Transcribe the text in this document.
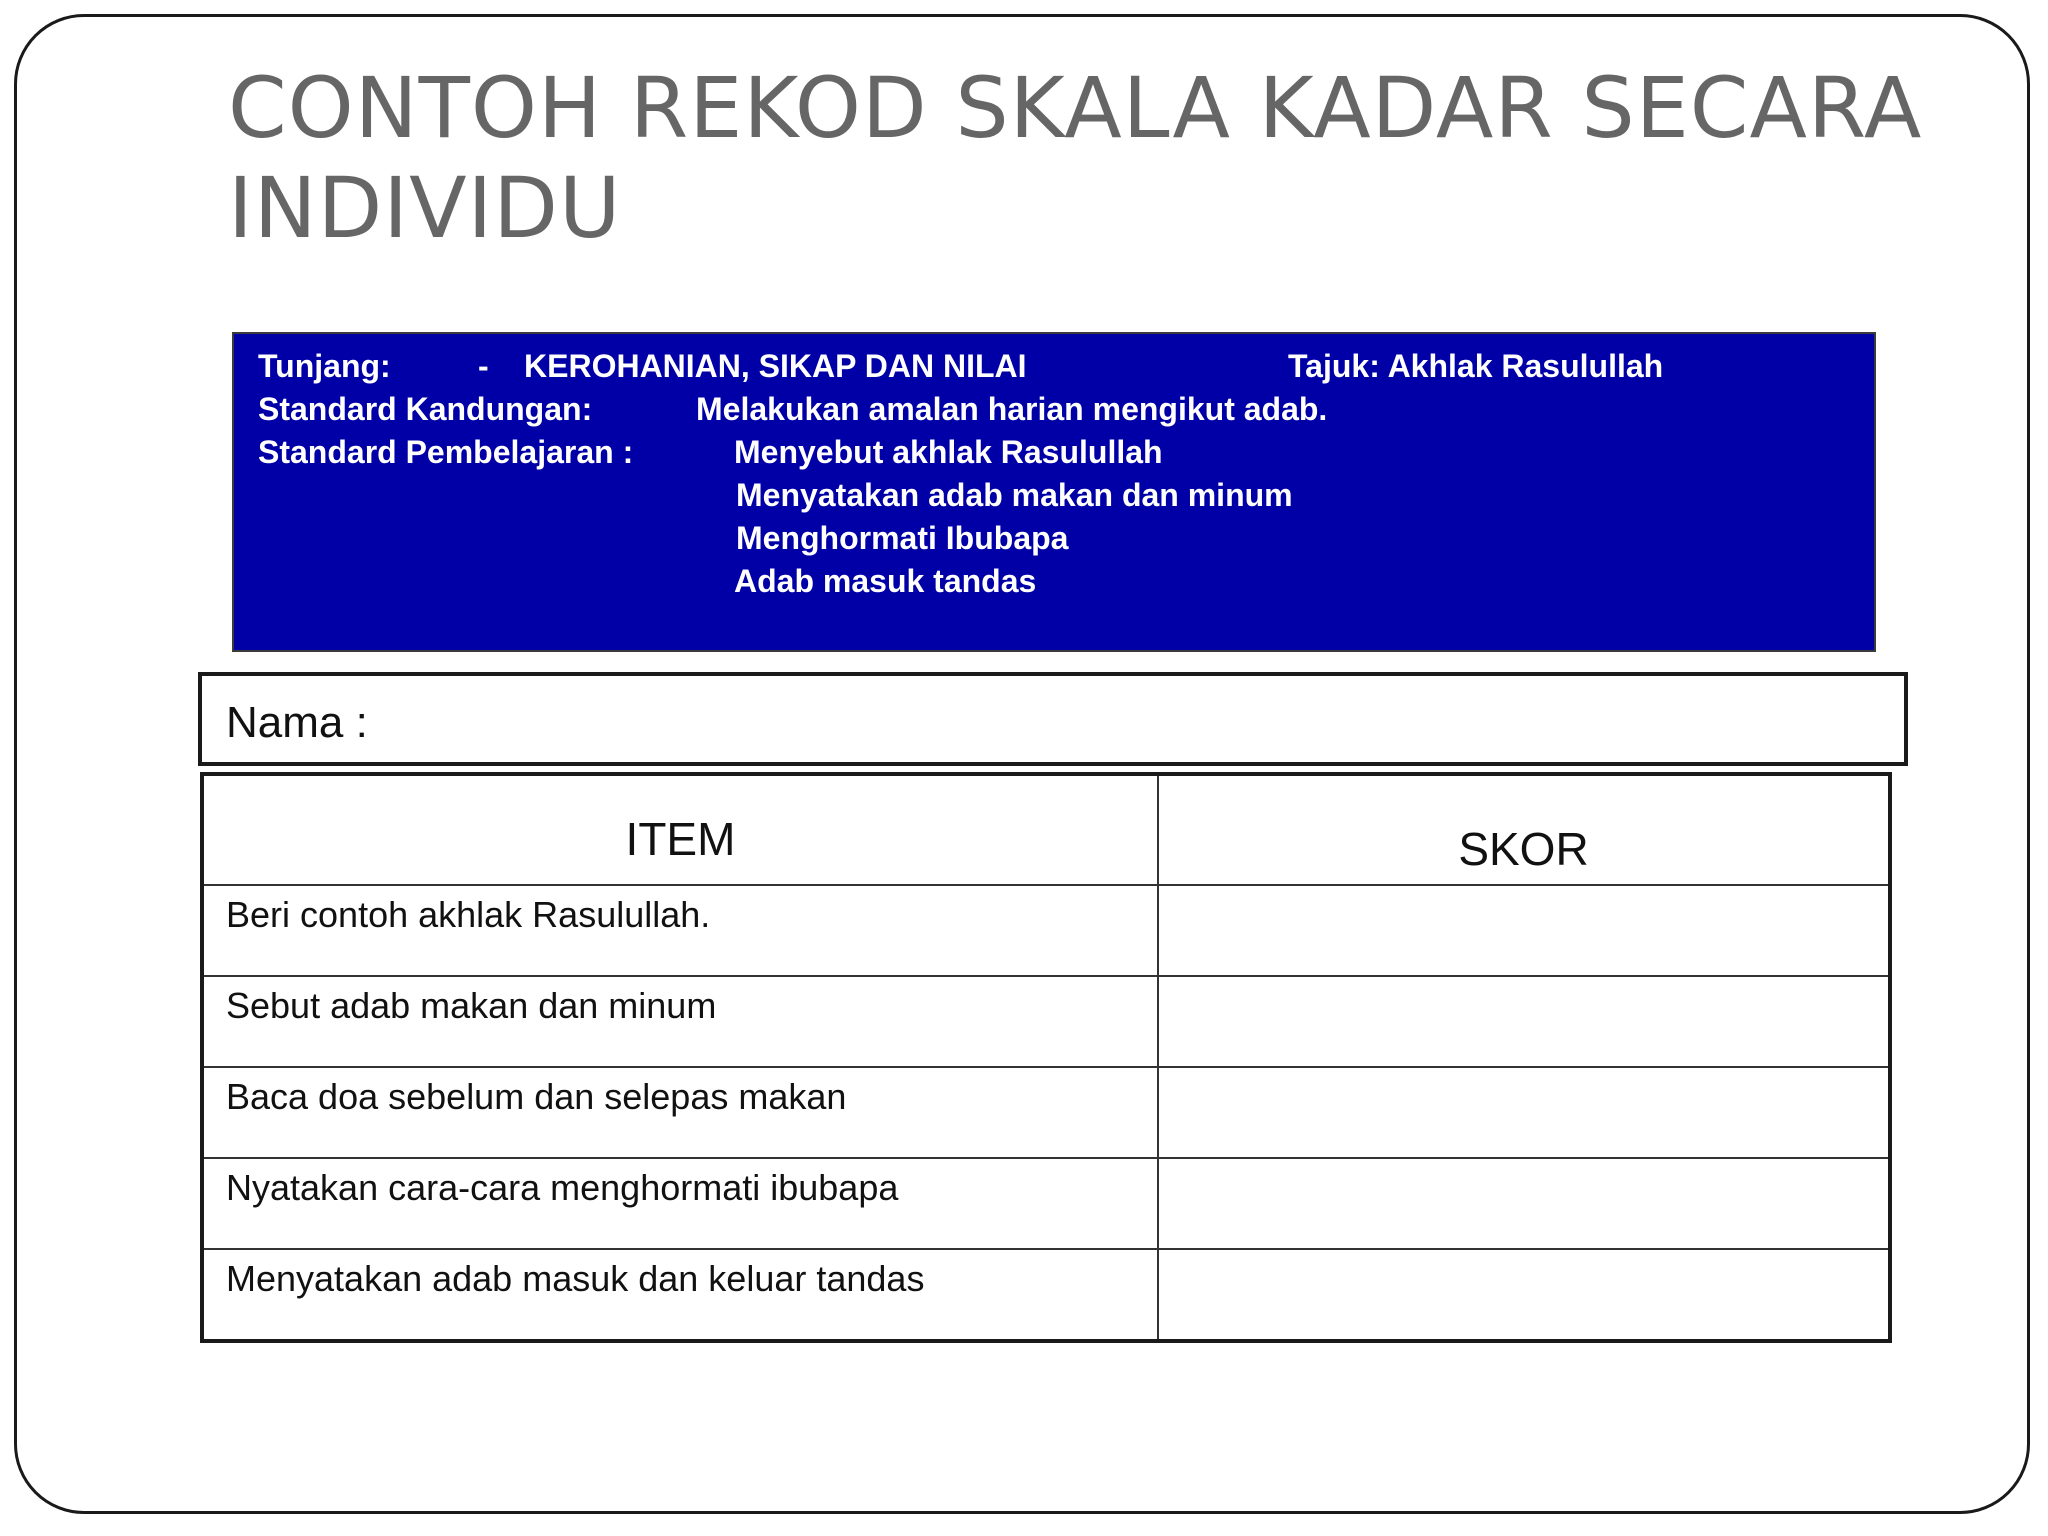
CONTOH REKOD SKALA KADAR SECARA INDIVIDU
Tunjang:	- KEROHANIAN, SIKAP DAN NILAI	Tajuk: Akhlak Rasulullah
Standard Kandungan:	Melakukan amalan harian mengikut adab.
Standard Pembelajaran :	Menyebut akhlak Rasulullah
Menyatakan adab makan dan minum
Menghormati Ibubapa
Adab masuk tandas
Nama :
ITEM	SKOR
Beri contoh akhlak Rasulullah.	
Sebut adab makan dan minum	
Baca doa sebelum dan selepas makan	
Nyatakan cara-cara menghormati ibubapa	
Menyatakan adab masuk dan keluar tandas	
